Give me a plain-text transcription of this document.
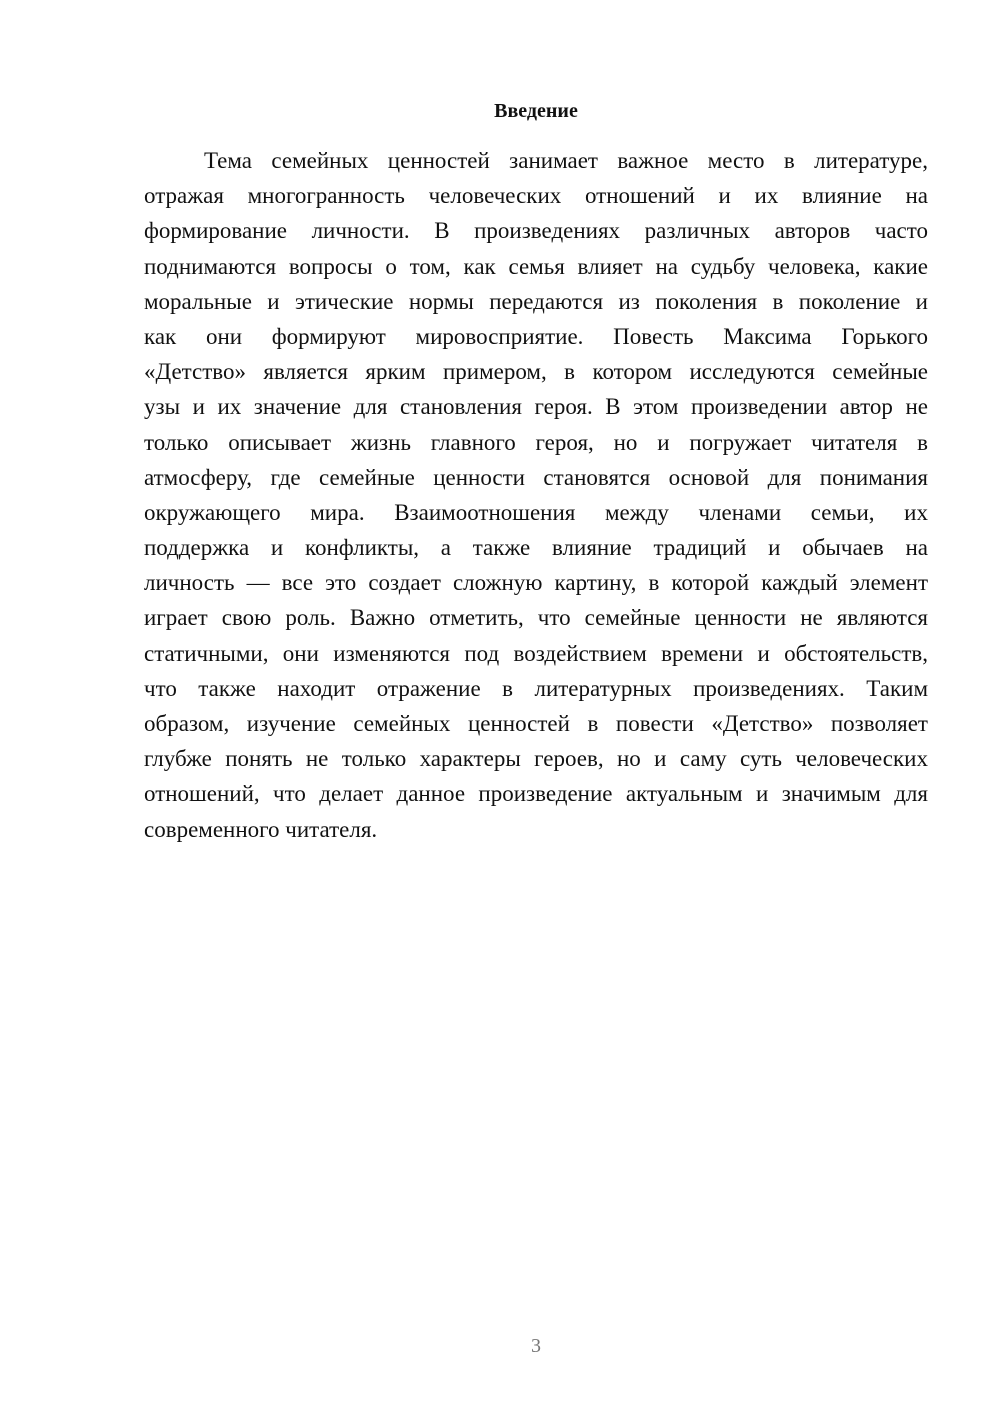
Введение
Тема семейных ценностей занимает важное место в литературе,
отражая многогранность человеческих отношений и их влияние на
формирование личности. В произведениях различных авторов часто
поднимаются вопросы о том, как семья влияет на судьбу человека, какие
моральные и этические нормы передаются из поколения в поколение и
как они формируют мировосприятие. Повесть Максима Горького
«Детство» является ярким примером, в котором исследуются семейные
узы и их значение для становления героя. В этом произведении автор не
только описывает жизнь главного героя, но и погружает читателя в
атмосферу, где семейные ценности становятся основой для понимания
окружающего мира. Взаимоотношения между членами семьи, их
поддержка и конфликты, а также влияние традиций и обычаев на
личность — все это создает сложную картину, в которой каждый элемент
играет свою роль. Важно отметить, что семейные ценности не являются
статичными, они изменяются под воздействием времени и обстоятельств,
что также находит отражение в литературных произведениях. Таким
образом, изучение семейных ценностей в повести «Детство» позволяет
глубже понять не только характеры героев, но и саму суть человеческих
отношений, что делает данное произведение актуальным и значимым для
современного читателя.
3
